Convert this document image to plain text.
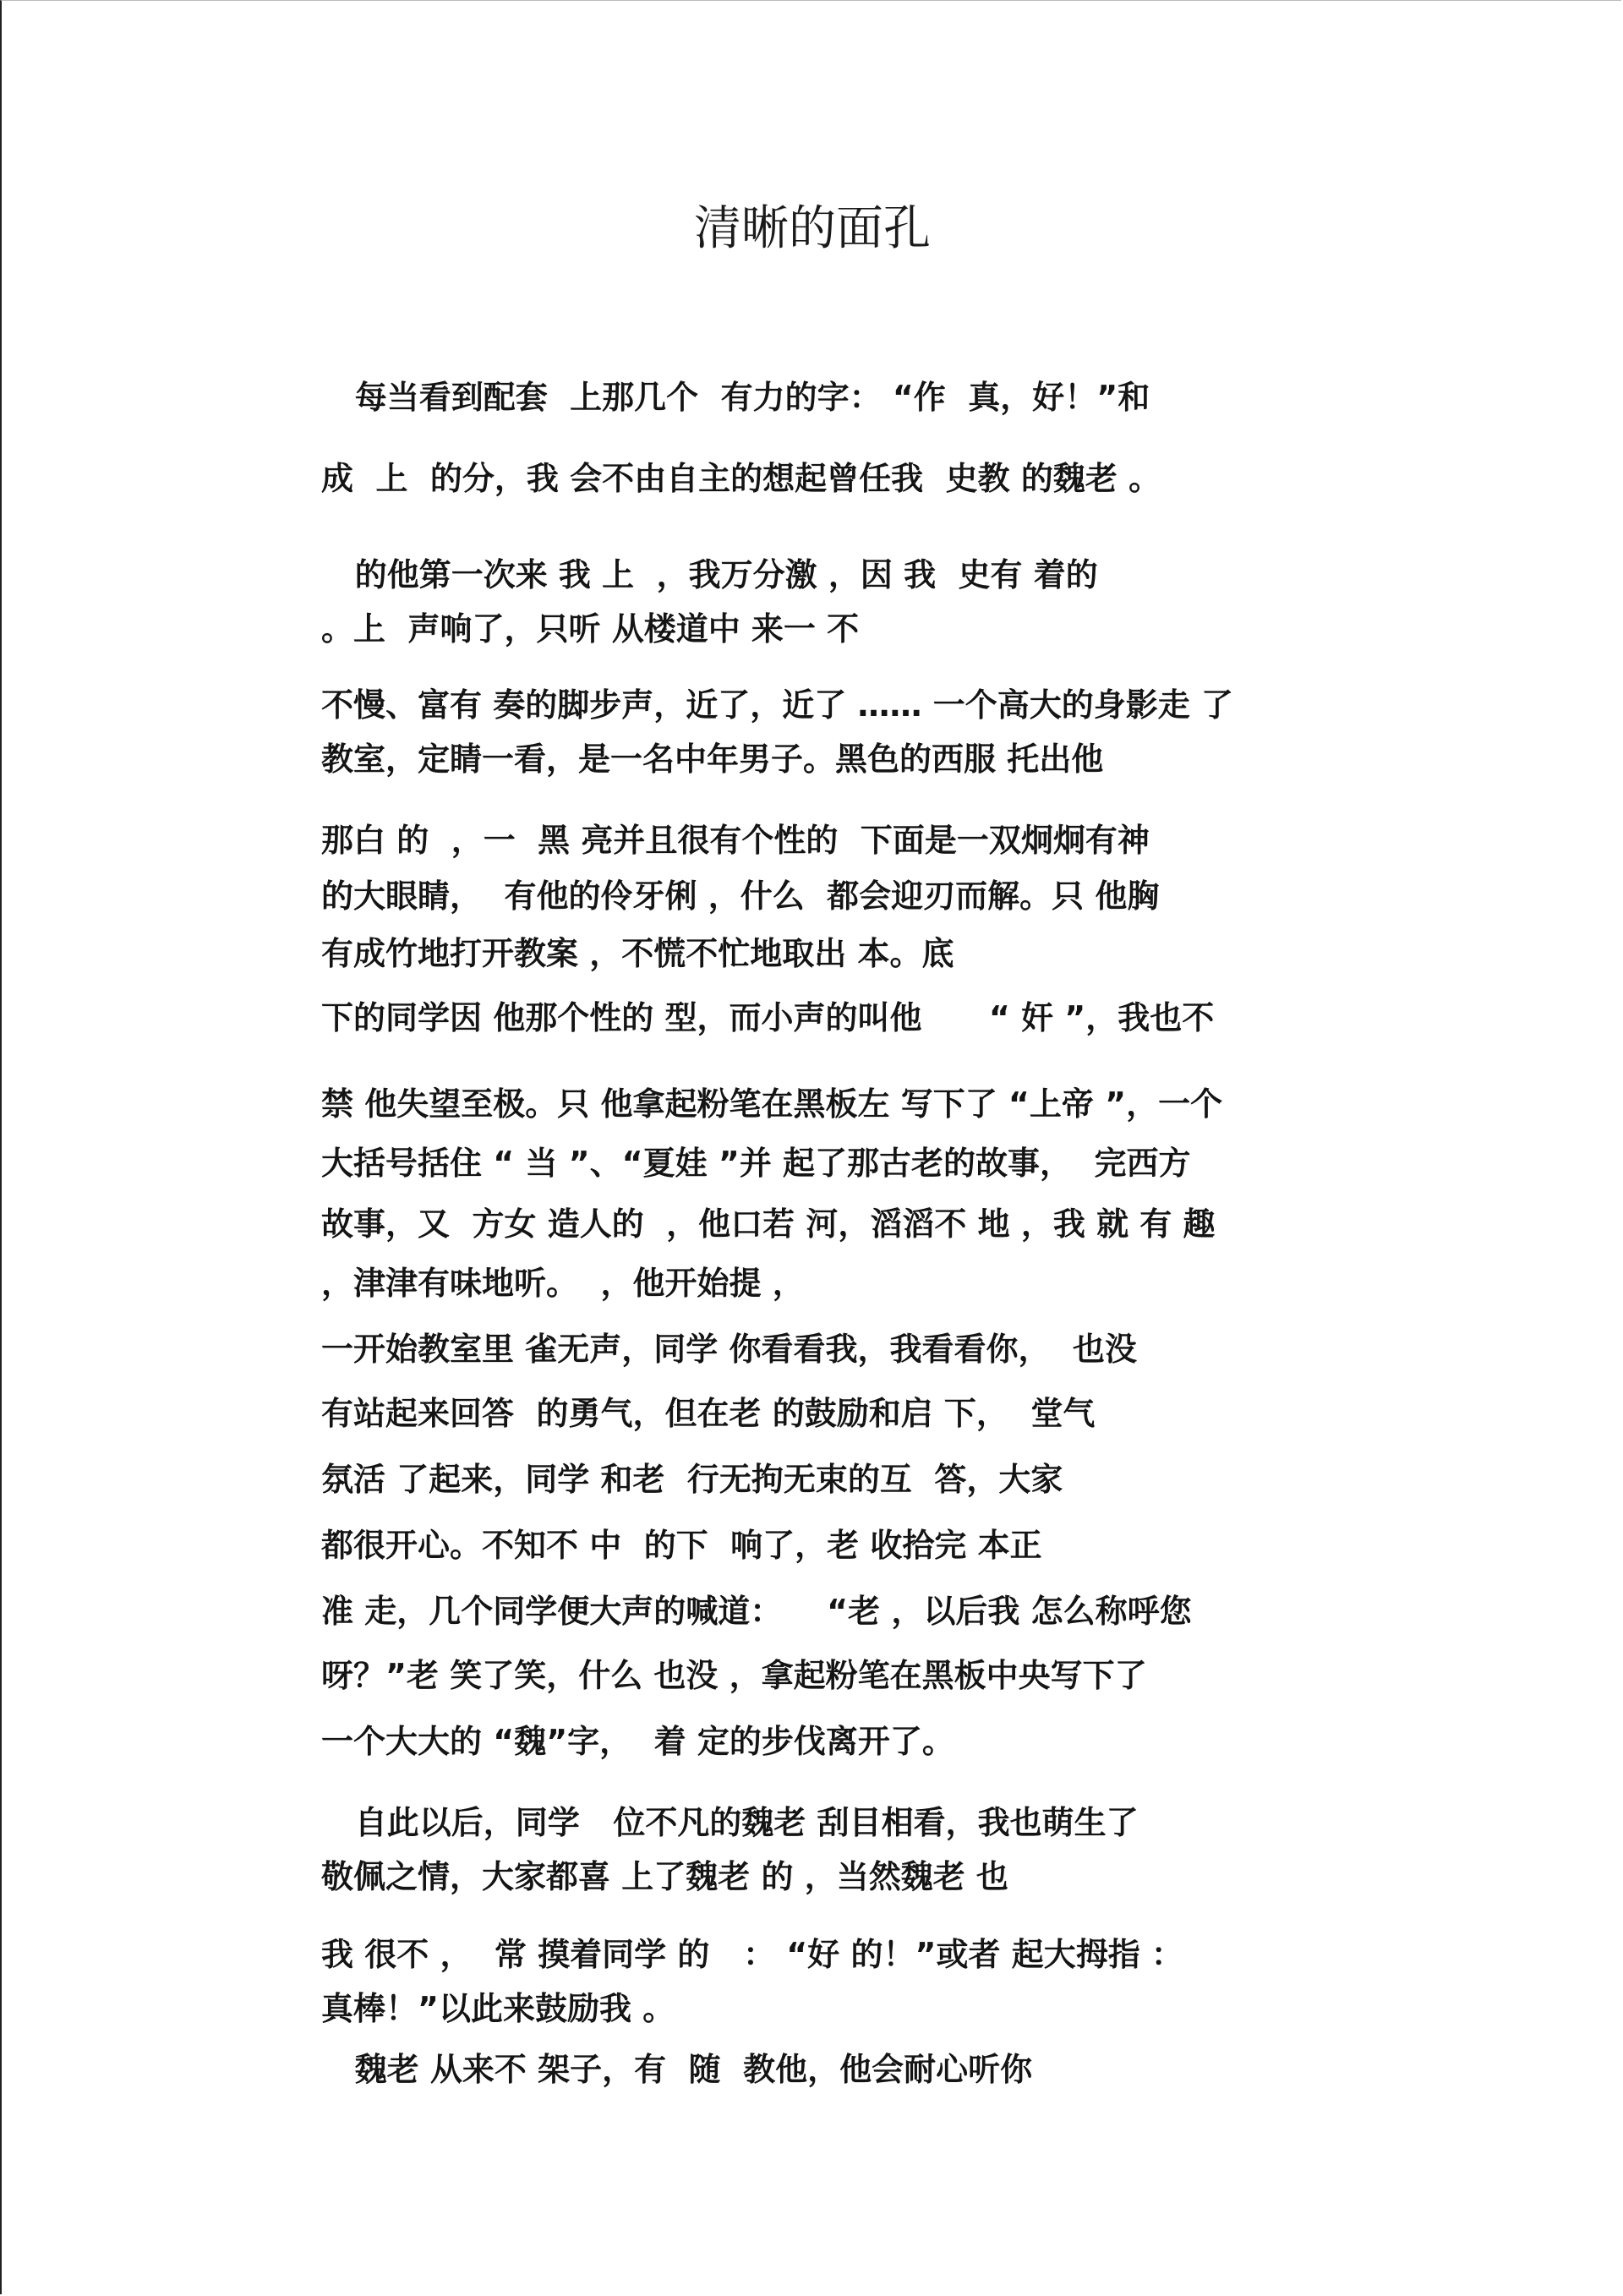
清晰的面孔
每当看到配套  上那几个  有力的字： “作  真，好！”和
成  上  的分，我 会不由自主的想起曾任我  史教 的魏老 。
的他第一次来 我 上  ，我万分激 ，因 我  史有 着的
。上  声响了，只听 从楼道中 来一 不
不慢、富有 奏的脚步声，近了，近了 …… 一个高大的身影走 了
教室，定睛一看，是一名中年男子。黑色的西服 托出他
那白 的  ，一  黑 亮并且很有个性的  下面是一双炯炯有神
的大眼睛，  有他的伶牙俐 ，什么  都会迎刃而解。只 他胸
有成竹地打开教案 ，不慌不忙地取出 本。底
下的同学因 他那个性的 型，而小声的叫他      “ 奸 ”，我也不
禁 他失望至极。只 他拿起粉笔在黑板左 写下了 “上帝 ”，一个
大括号括住 “ 当 ”、“夏娃 ”并 起了那古老的故事，  完西方
故事，又  方女 造人的  ，他口若 河，滔滔不 地 ，我 就 有 趣
，津津有味地听。  ，他开始提 ，
一开始教室里 雀无声，同学 你看看我，我看看你，  也没
有站起来回答  的勇气，但在老 的鼓励和启 下，  堂气
氛活 了起来，同学 和老  行无拘无束的互  答，大家
都很开心。不知不 中  的下  响了，老 收拾完 本正
准 走，几个同学便大声的喊道：    “老 ，以后我 怎么称呼您
呀？”老 笑了笑，什么 也没 ，拿起粉笔在黑板中央写下了
一个大大的 “魏”字，  着 定的步伐离开了。
自此以后，同学   位不凡的魏老 刮目相看，我也萌生了
敬佩之情，大家都喜 上了魏老 的 ，当然魏老 也
我 很不 ，  常 摸着同学 的   ： “好 的！”或者 起大拇指 ：
真棒！”以此来鼓励我 。
魏老 从来不 架子，有  随  教他，他会耐心听你
